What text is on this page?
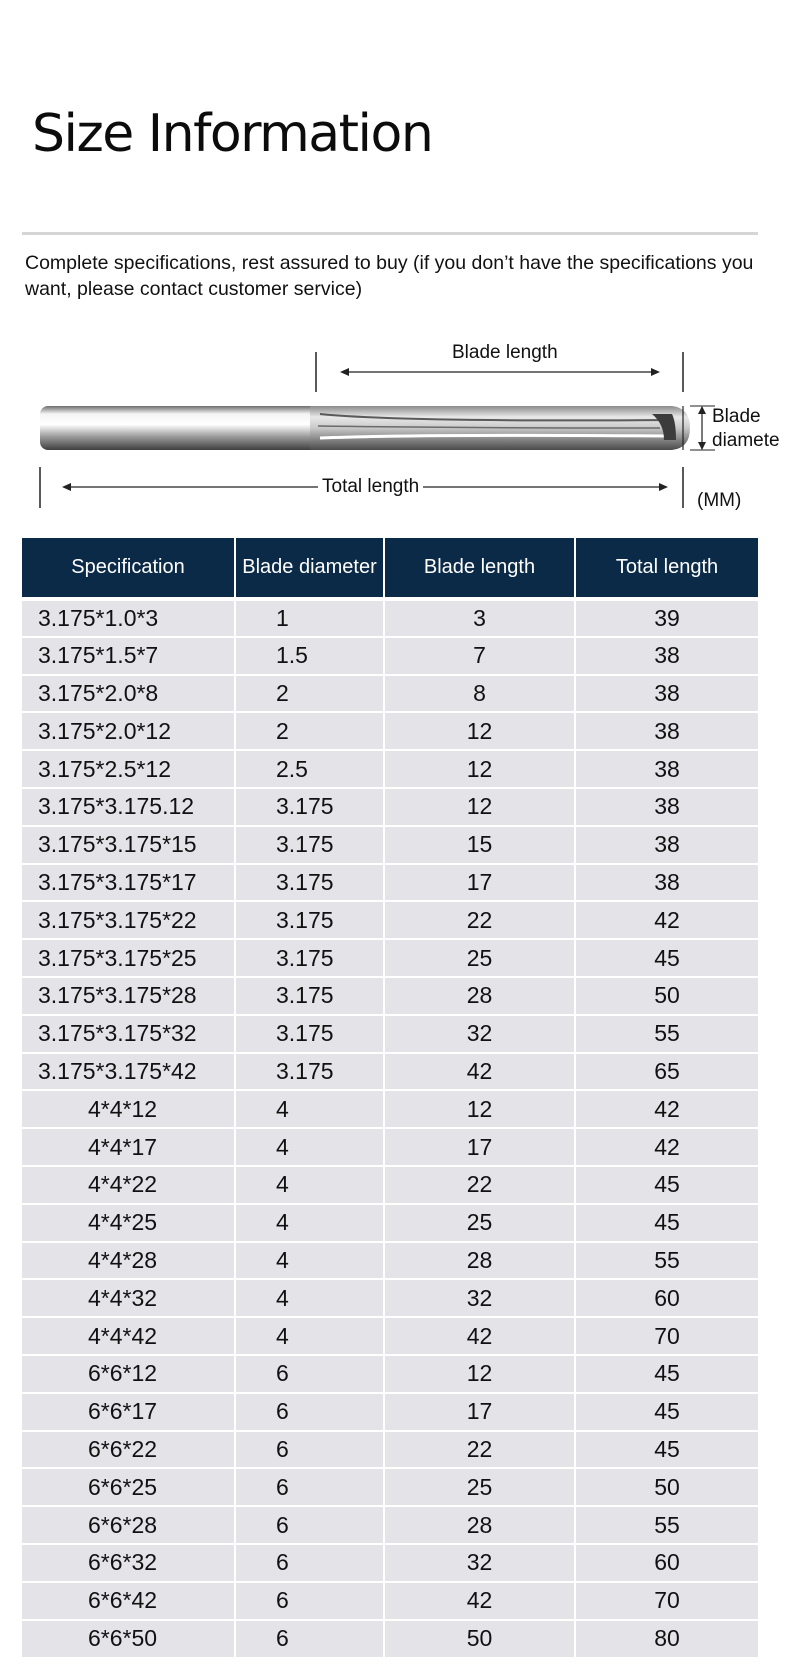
Size Information
Complete specifications, rest assured to buy (if you don’t have the specifications you want, please contact customer service)
Blade length
Total length
Blade
diamete
(MM)
Specification	Blade diameter	Blade length	Total length
3.175*1.0*3	1	3	39
3.175*1.5*7	1.5	7	38
3.175*2.0*8	2	8	38
3.175*2.0*12	2	12	38
3.175*2.5*12	2.5	12	38
3.175*3.175.12	3.175	12	38
3.175*3.175*15	3.175	15	38
3.175*3.175*17	3.175	17	38
3.175*3.175*22	3.175	22	42
3.175*3.175*25	3.175	25	45
3.175*3.175*28	3.175	28	50
3.175*3.175*32	3.175	32	55
3.175*3.175*42	3.175	42	65
4*4*12	4	12	42
4*4*17	4	17	42
4*4*22	4	22	45
4*4*25	4	25	45
4*4*28	4	28	55
4*4*32	4	32	60
4*4*42	4	42	70
6*6*12	6	12	45
6*6*17	6	17	45
6*6*22	6	22	45
6*6*25	6	25	50
6*6*28	6	28	55
6*6*32	6	32	60
6*6*42	6	42	70
6*6*50	6	50	80
